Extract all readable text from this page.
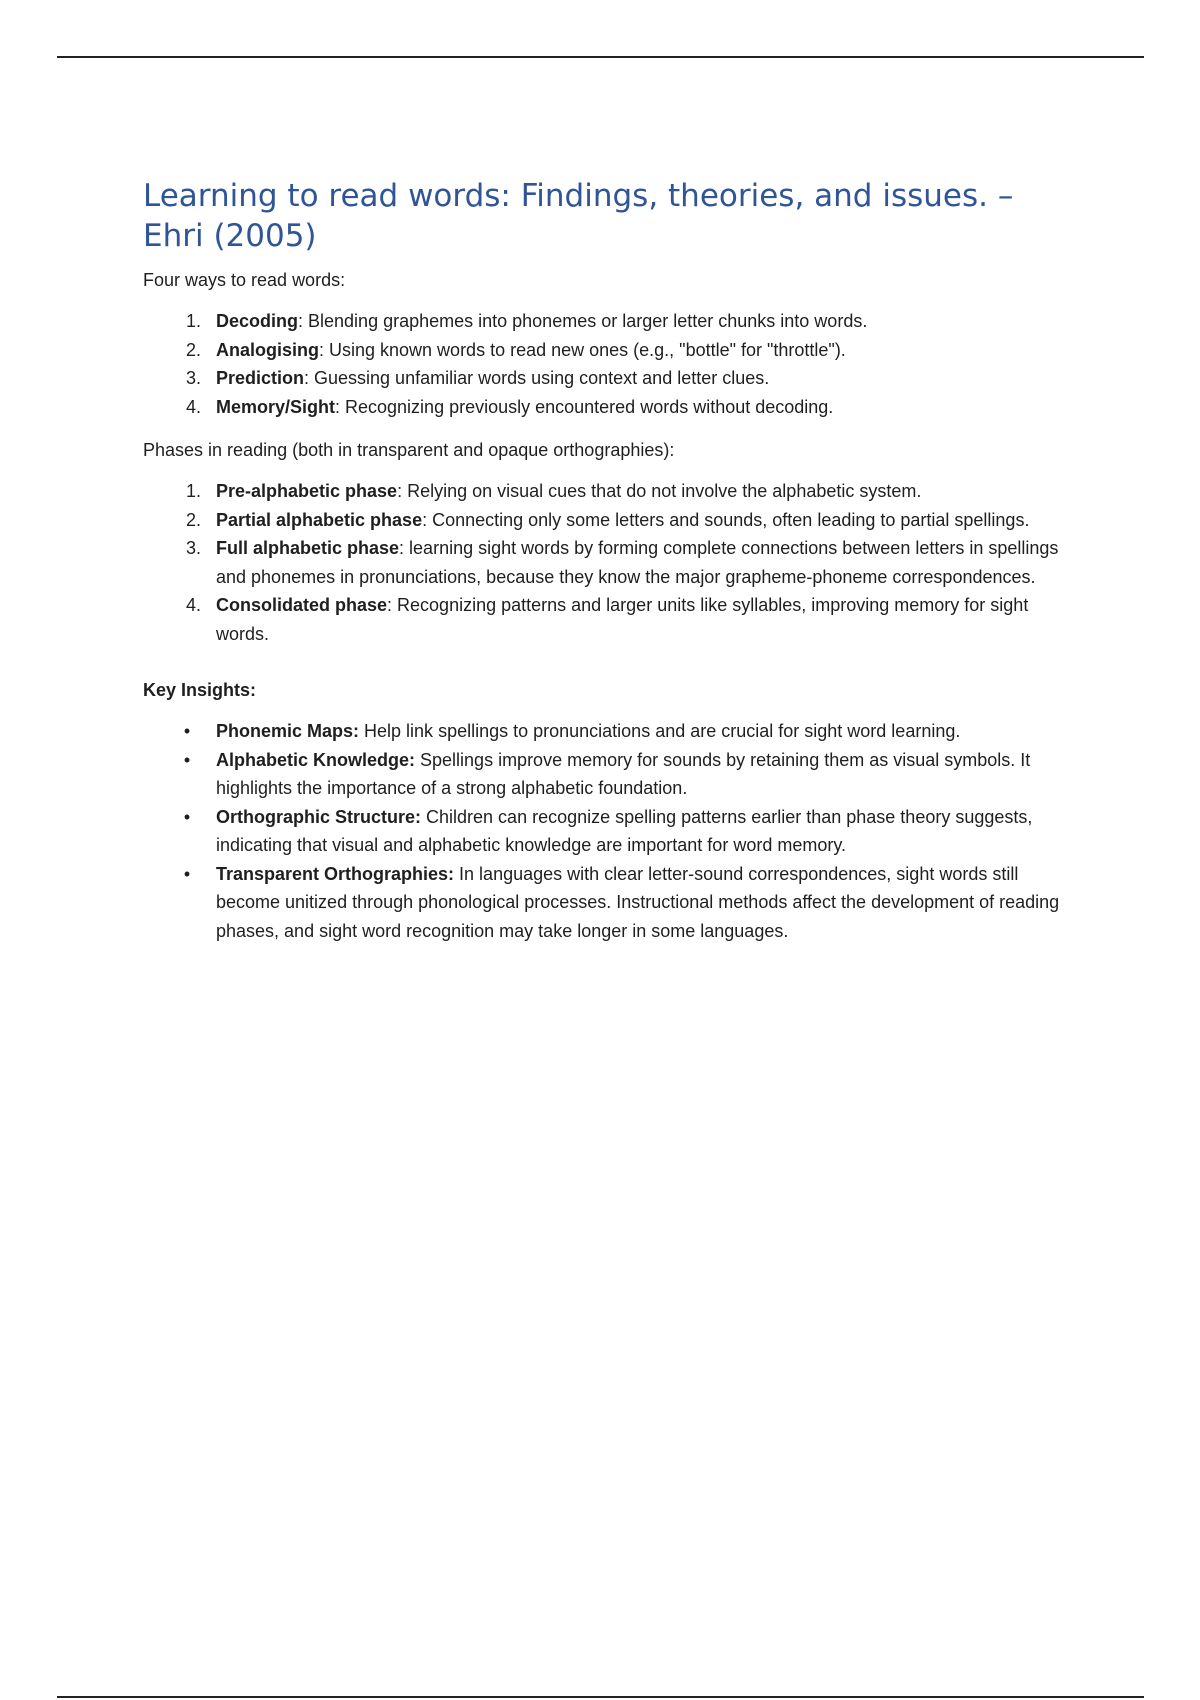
Learning to read words: Findings, theories, and issues. – Ehri (2005)

Four ways to read words:

1. Decoding: Blending graphemes into phonemes or larger letter chunks into words.
2. Analogising: Using known words to read new ones (e.g., "bottle" for "throttle").
3. Prediction: Guessing unfamiliar words using context and letter clues.
4. Memory/Sight: Recognizing previously encountered words without decoding.

Phases in reading (both in transparent and opaque orthographies):

1. Pre-alphabetic phase: Relying on visual cues that do not involve the alphabetic system.
2. Partial alphabetic phase: Connecting only some letters and sounds, often leading to partial spellings.
3. Full alphabetic phase: learning sight words by forming complete connections between letters in spellings and phonemes in pronunciations, because they know the major grapheme-phoneme correspondences.
4. Consolidated phase: Recognizing patterns and larger units like syllables, improving memory for sight words.

Key Insights:

•	Phonemic Maps: Help link spellings to pronunciations and are crucial for sight word learning.
•	Alphabetic Knowledge: Spellings improve memory for sounds by retaining them as visual symbols. It highlights the importance of a strong alphabetic foundation.
•	Orthographic Structure: Children can recognize spelling patterns earlier than phase theory suggests, indicating that visual and alphabetic knowledge are important for word memory.
•	Transparent Orthographies: In languages with clear letter-sound correspondences, sight words still become unitized through phonological processes. Instructional methods affect the development of reading phases, and sight word recognition may take longer in some languages.
